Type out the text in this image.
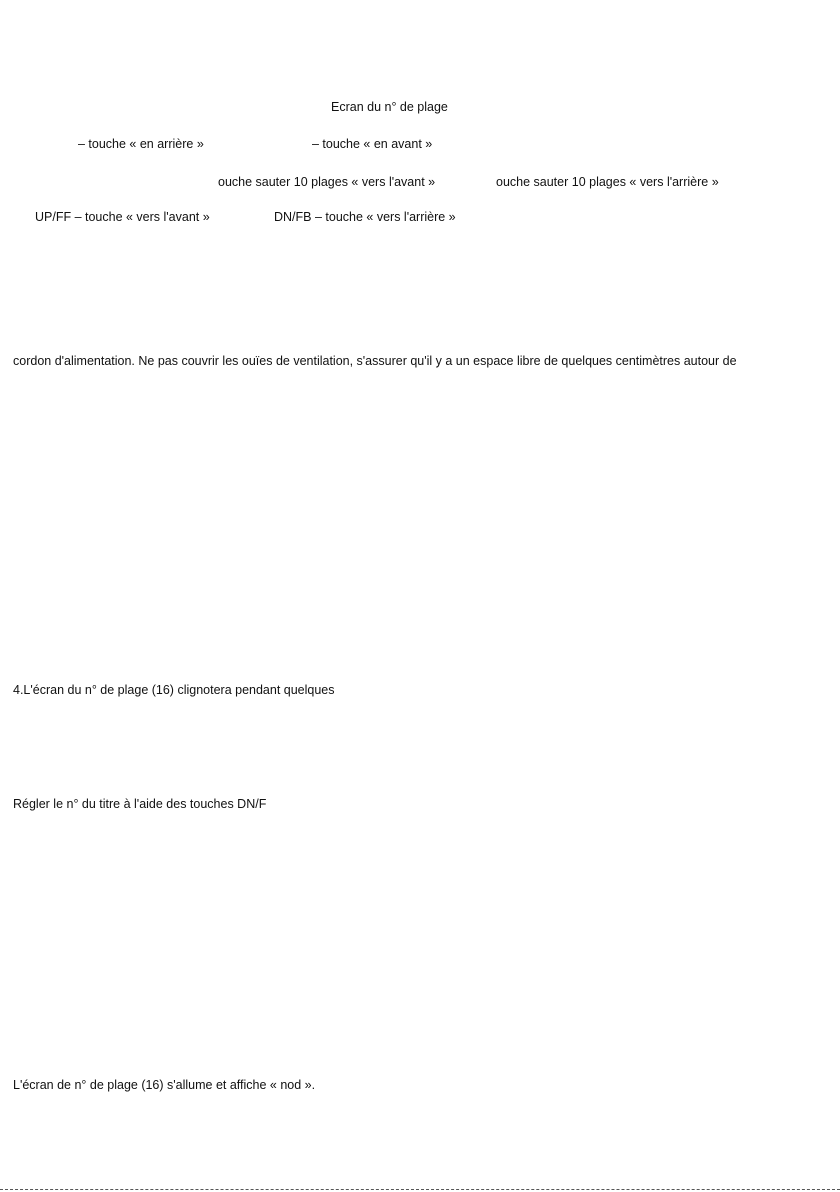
Ecran du n° de plage
– touche « en arrière »	– touche « en avant »
ouche sauter 10 plages « vers l'avant »	ouche sauter 10 plages « vers l'arrière »
UP/FF – touche « vers l'avant »	DN/FB – touche « vers l'arrière »
cordon d'alimentation. Ne pas couvrir les ouïes de ventilation, s'assurer qu'il y a un espace libre de quelques centimètres autour de
4.L'écran du n° de plage (16) clignotera pendant quelques
Régler le n° du titre à l'aide des touches DN/F
L'écran de n° de plage (16) s'allume et affiche « nod ».
